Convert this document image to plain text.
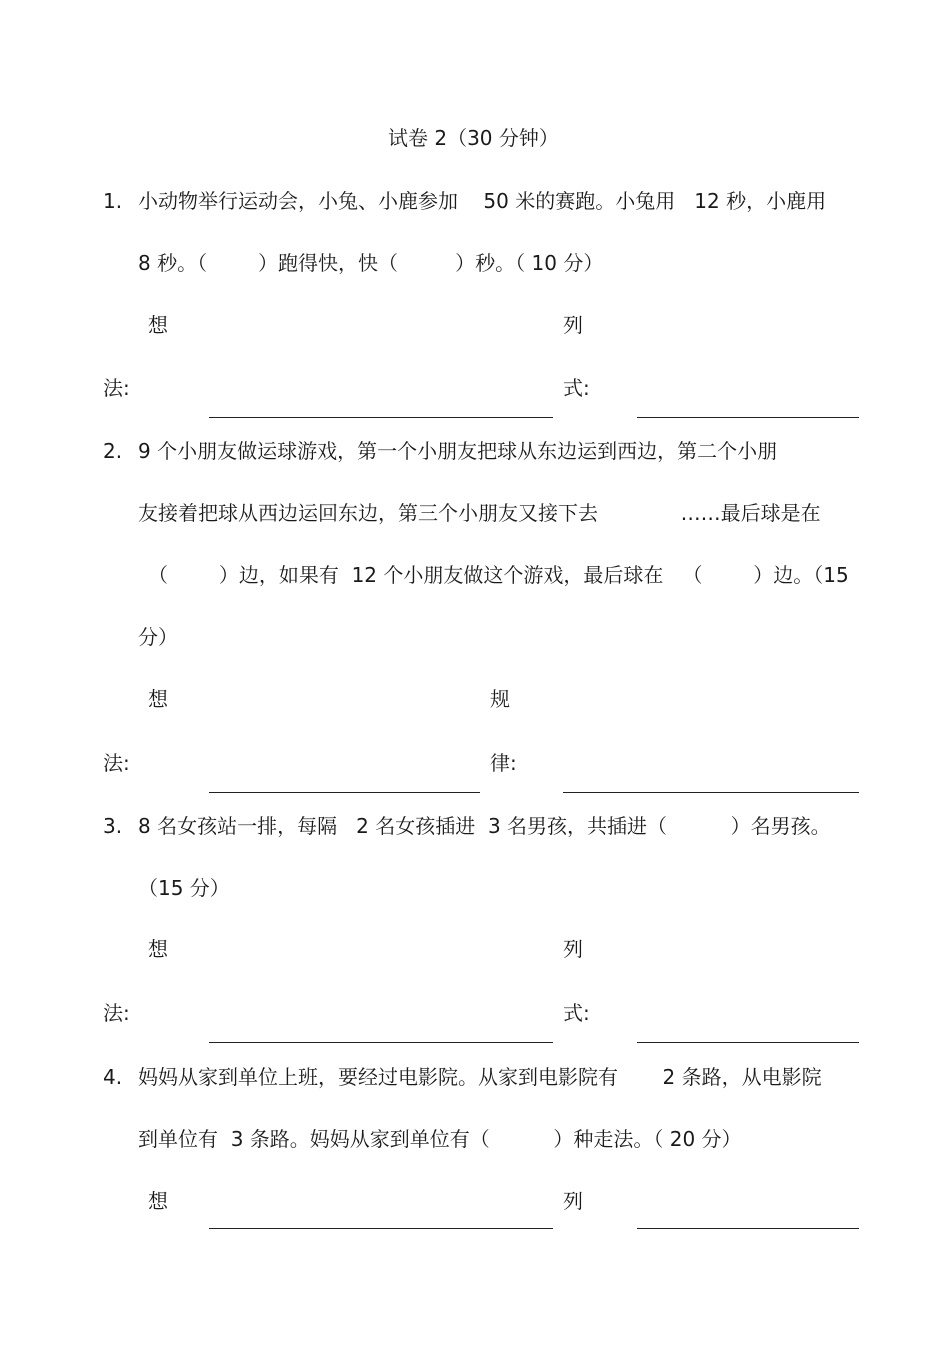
试卷 2（30 分钟）
1. 小动物举行运动会，小兔、小鹿参加    50 米的赛跑。小兔用   12 秒，小鹿用
8 秒。（        ）跑得快，快（         ）秒。（ 10 分）
想
法:
列
式:
2. 9 个小朋友做运球游戏，第一个小朋友把球从东边运到西边，第二个小朋
友接着把球从西边运回东边，第三个小朋友又接下去             ……最后球是在
（        ）边，如果有  12 个小朋友做这个游戏，最后球在   （        ）边。（15
分）
想
法:
规
律:
3. 8 名女孩站一排，每隔   2 名女孩插进  3 名男孩，共插进（          ）名男孩。
（15 分）
想
法:
列
式:
4. 妈妈从家到单位上班，要经过电影院。从家到电影院有       2 条路，从电影院
到单位有  3 条路。妈妈从家到单位有（          ）种走法。（ 20 分）
想	列
